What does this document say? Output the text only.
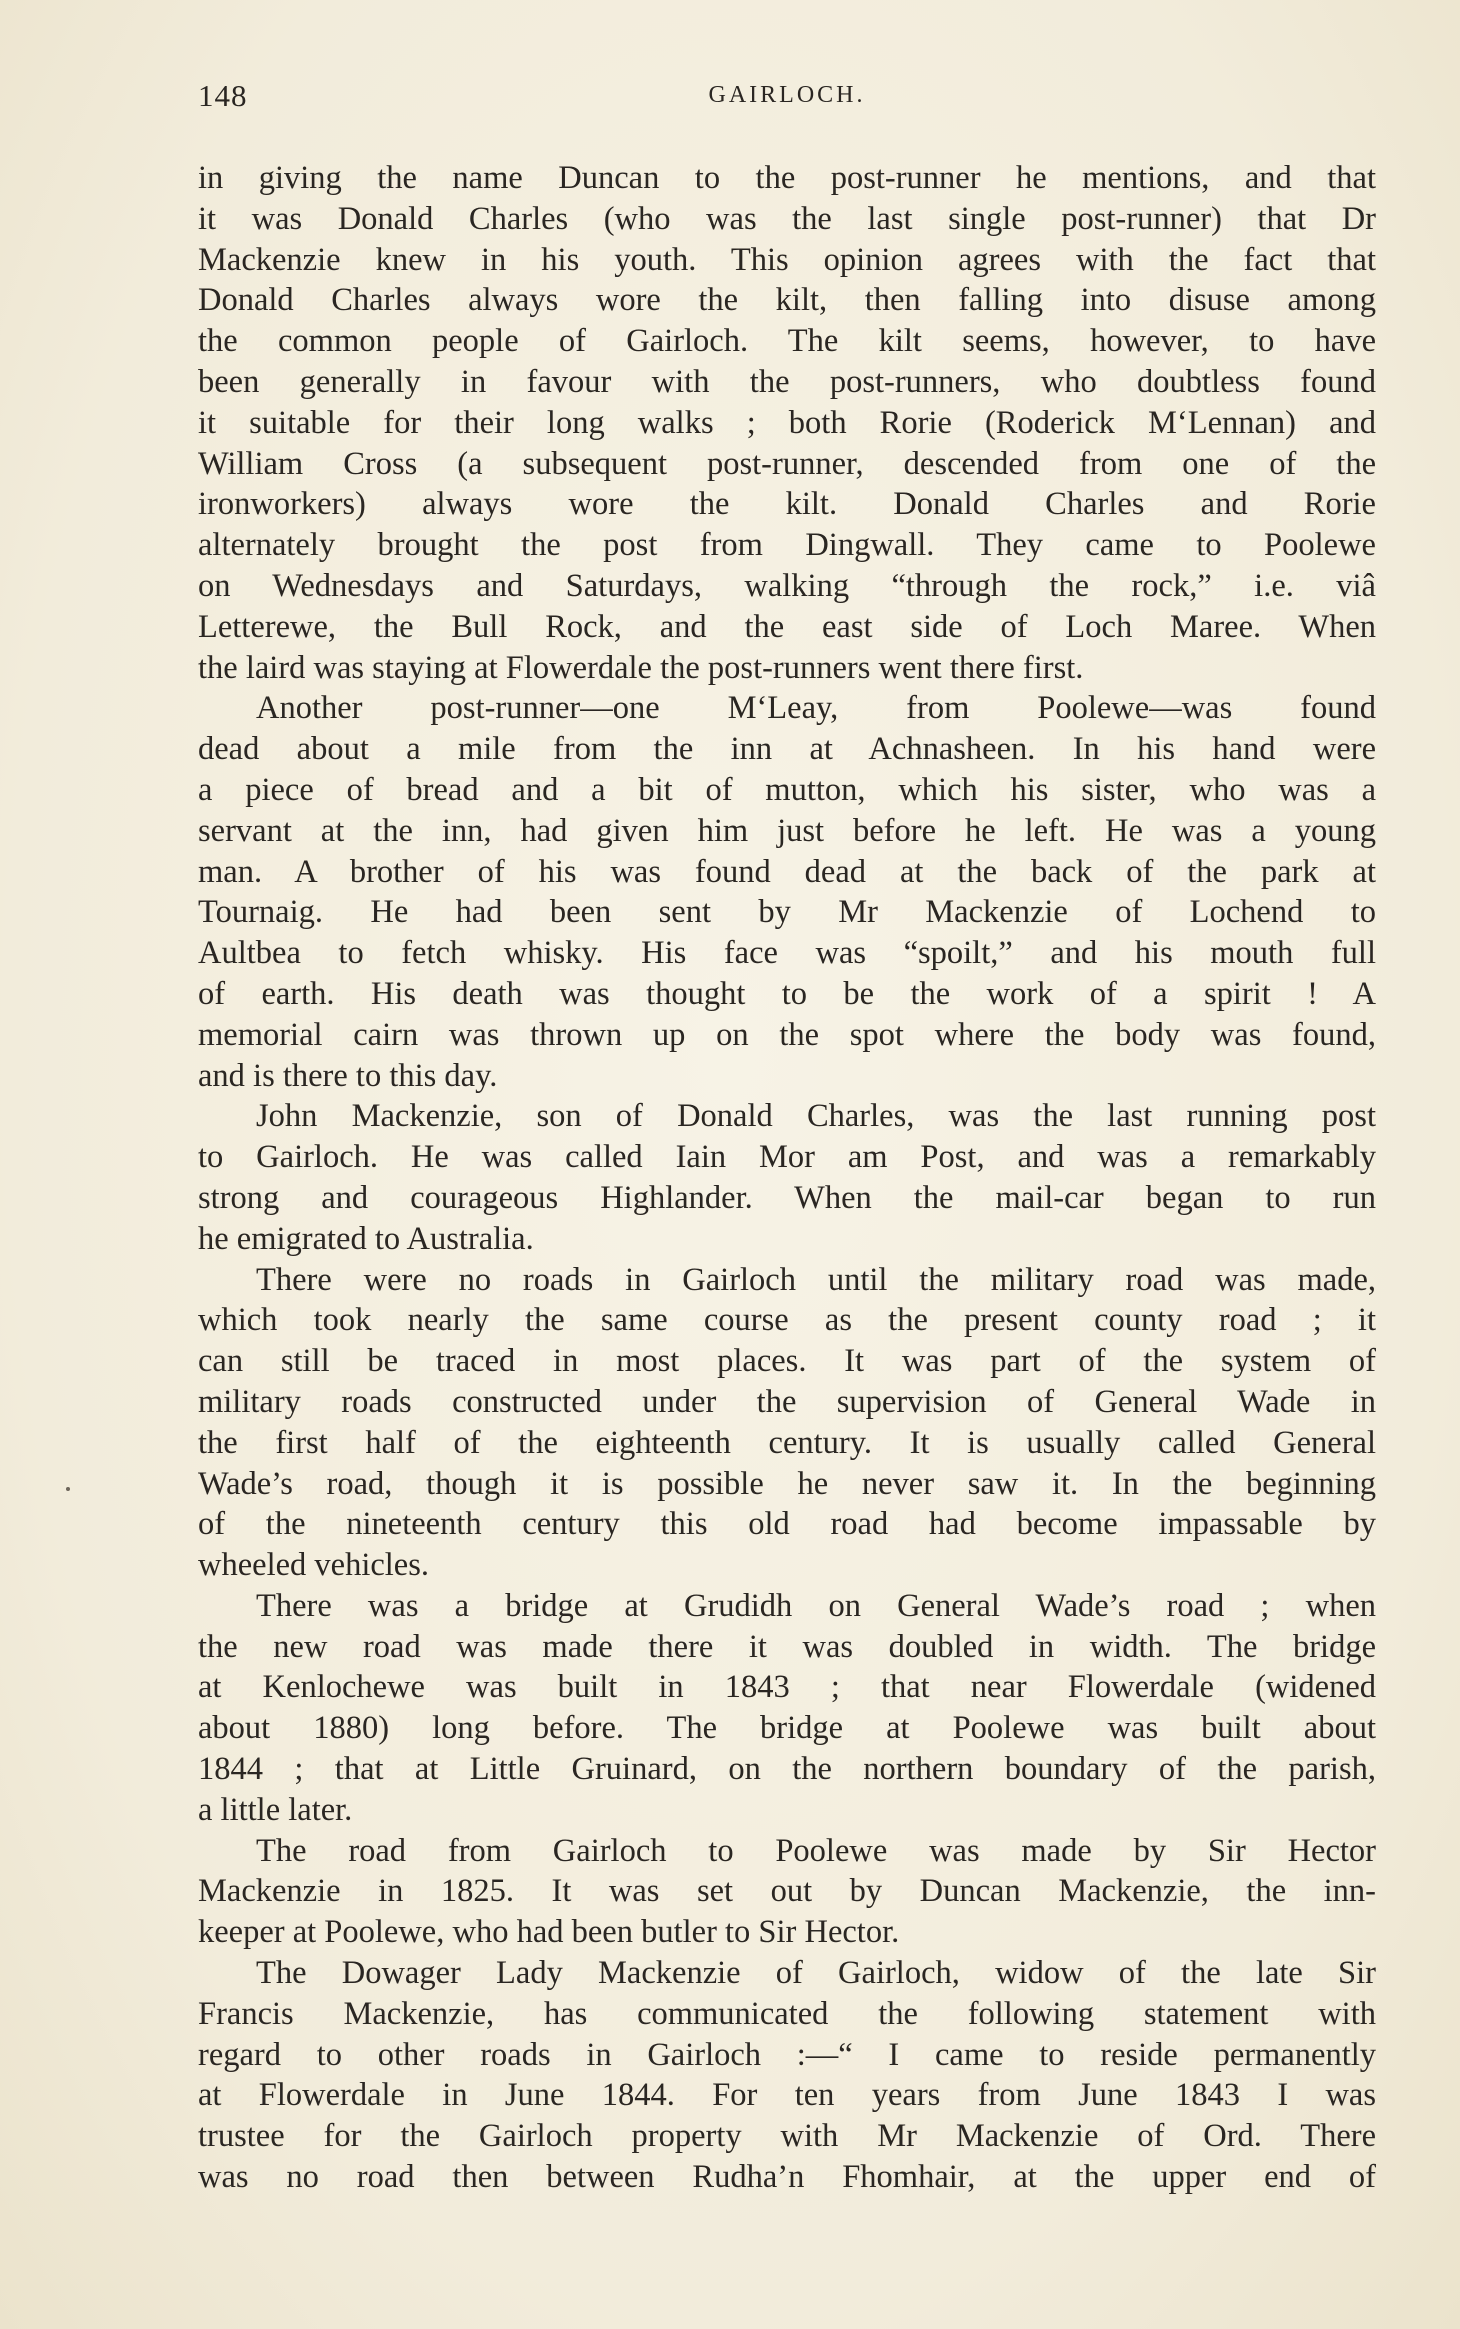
148	GAIRLOCH.
in giving the name Duncan to the post-runner he mentions, and that
it was Donald Charles (who was the last single post-runner) that Dr
Mackenzie knew in his youth. This opinion agrees with the fact that
Donald Charles always wore the kilt, then falling into disuse among
the common people of Gairloch. The kilt seems, however, to have
been generally in favour with the post-runners, who doubtless found
it suitable for their long walks ; both Rorie (Roderick M‘Lennan) and
William Cross (a subsequent post-runner, descended from one of the
ironworkers) always wore the kilt. Donald Charles and Rorie
alternately brought the post from Dingwall. They came to Poolewe
on Wednesdays and Saturdays, walking “through the rock,” i.e. viâ
Letterewe, the Bull Rock, and the east side of Loch Maree. When
the laird was staying at Flowerdale the post-runners went there first.
Another post-runner—one M‘Leay, from Poolewe—was found
dead about a mile from the inn at Achnasheen. In his hand were
a piece of bread and a bit of mutton, which his sister, who was a
servant at the inn, had given him just before he left. He was a young
man. A brother of his was found dead at the back of the park at
Tournaig. He had been sent by Mr Mackenzie of Lochend to
Aultbea to fetch whisky. His face was “spoilt,” and his mouth full
of earth. His death was thought to be the work of a spirit ! A
memorial cairn was thrown up on the spot where the body was found,
and is there to this day.
John Mackenzie, son of Donald Charles, was the last running post
to Gairloch. He was called Iain Mor am Post, and was a remarkably
strong and courageous Highlander. When the mail-car began to run
he emigrated to Australia.
There were no roads in Gairloch until the military road was made,
which took nearly the same course as the present county road ; it
can still be traced in most places. It was part of the system of
military roads constructed under the supervision of General Wade in
the first half of the eighteenth century. It is usually called General
Wade’s road, though it is possible he never saw it. In the beginning
of the nineteenth century this old road had become impassable by
wheeled vehicles.
There was a bridge at Grudidh on General Wade’s road ; when
the new road was made there it was doubled in width. The bridge
at Kenlochewe was built in 1843 ; that near Flowerdale (widened
about 1880) long before. The bridge at Poolewe was built about
1844 ; that at Little Gruinard, on the northern boundary of the parish,
a little later.
The road from Gairloch to Poolewe was made by Sir Hector
Mackenzie in 1825. It was set out by Duncan Mackenzie, the inn-
keeper at Poolewe, who had been butler to Sir Hector.
The Dowager Lady Mackenzie of Gairloch, widow of the late Sir
Francis Mackenzie, has communicated the following statement with
regard to other roads in Gairloch :—“ I came to reside permanently
at Flowerdale in June 1844. For ten years from June 1843 I was
trustee for the Gairloch property with Mr Mackenzie of Ord. There
was no road then between Rudha’n Fhomhair, at the upper end of
